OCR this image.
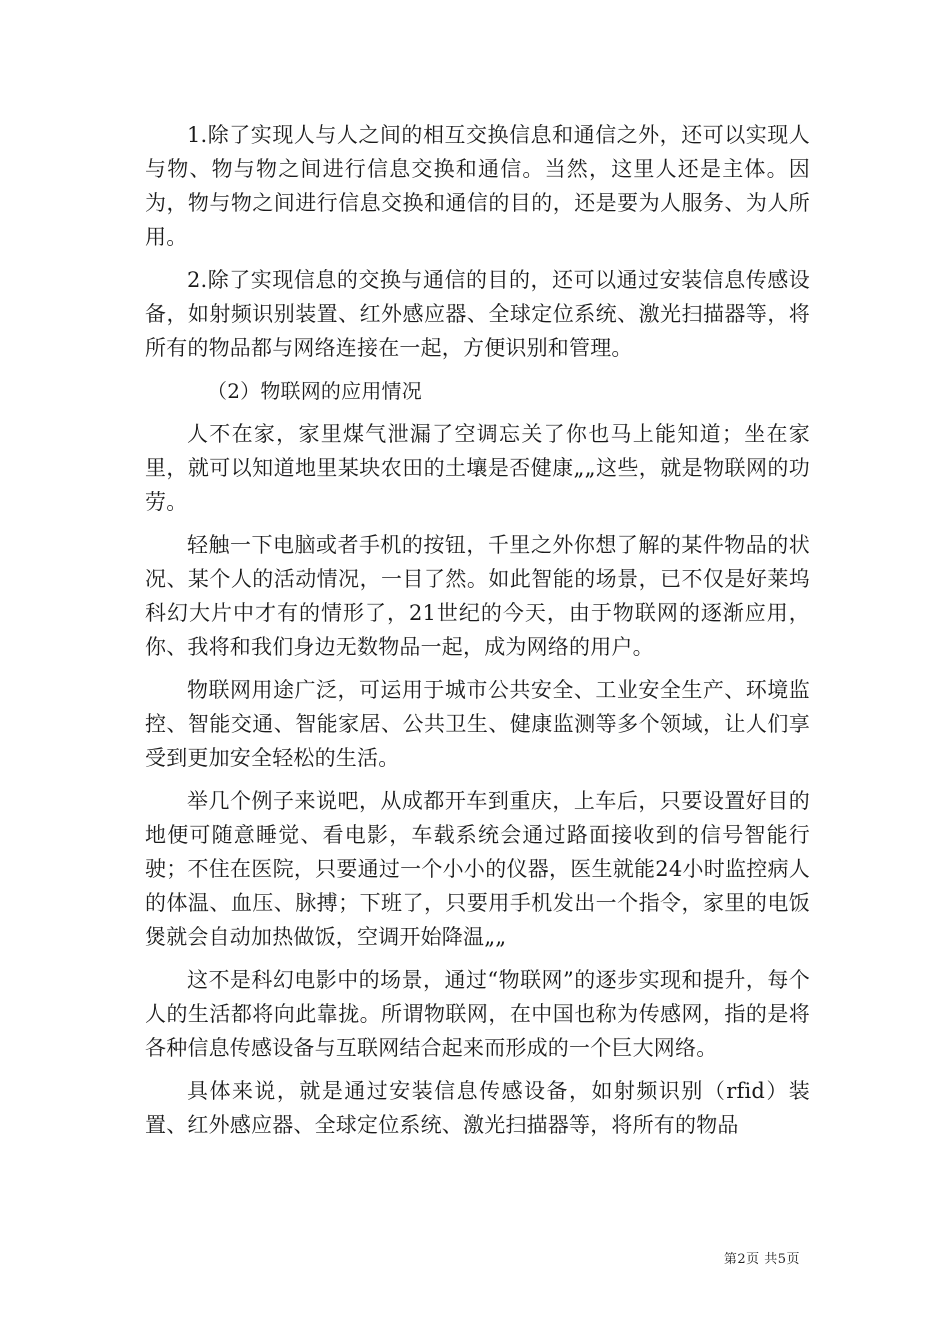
1.除了实现人与人之间的相互交换信息和通信之外，还可以实现人与物、物与物之间进行信息交换和通信。当然，这里人还是主体。因为，物与物之间进行信息交换和通信的目的，还是要为人服务、为人所用。

2.除了实现信息的交换与通信的目的，还可以通过安装信息传感设备，如射频识别装置、红外感应器、全球定位系统、激光扫描器等，将所有的物品都与网络连接在一起，方便识别和管理。

（2）物联网的应用情况

人不在家，家里煤气泄漏了空调忘关了你也马上能知道；坐在家里，就可以知道地里某块农田的土壤是否健康„„这些，就是物联网的功劳。

轻触一下电脑或者手机的按钮，千里之外你想了解的某件物品的状况、某个人的活动情况，一目了然。如此智能的场景，已不仅是好莱坞科幻大片中才有的情形了，21世纪的今天，由于物联网的逐渐应用，你、我将和我们身边无数物品一起，成为网络的用户。

物联网用途广泛，可运用于城市公共安全、工业安全生产、环境监控、智能交通、智能家居、公共卫生、健康监测等多个领域，让人们享受到更加安全轻松的生活。

举几个例子来说吧，从成都开车到重庆，上车后，只要设置好目的地便可随意睡觉、看电影，车载系统会通过路面接收到的信号智能行驶；不住在医院，只要通过一个小小的仪器，医生就能24小时监控病人的体温、血压、脉搏；下班了，只要用手机发出一个指令，家里的电饭煲就会自动加热做饭，空调开始降温„„

这不是科幻电影中的场景，通过“物联网”的逐步实现和提升，每个人的生活都将向此靠拢。所谓物联网，在中国也称为传感网，指的是将各种信息传感设备与互联网结合起来而形成的一个巨大网络。

具体来说，就是通过安装信息传感设备，如射频识别（rfid）装置、红外感应器、全球定位系统、激光扫描器等，将所有的物品

第2页 共5页
